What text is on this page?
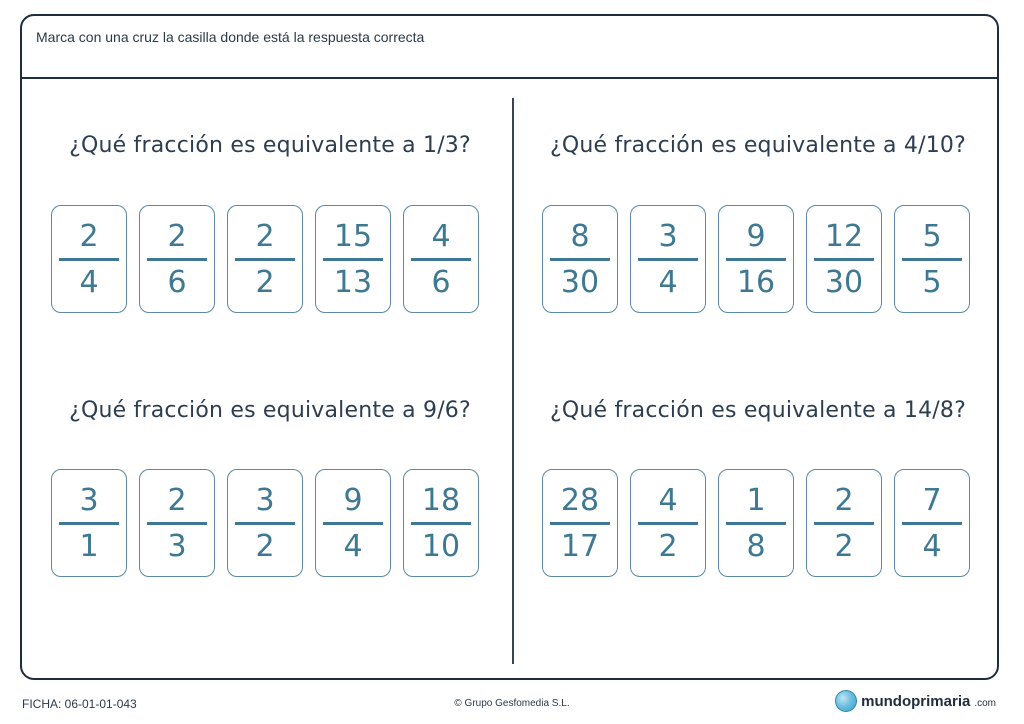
Marca con una cruz la casilla donde está la respuesta correcta
¿Qué fracción es equivalente a 1/3?
$\frac{2}{4} \frac{2}{6} \frac{2}{2} \frac{15}{13} \frac{4}{6}$
¿Qué fracción es equivalente a 4/10?
$\frac{8}{30} \frac{3}{4} \frac{9}{16} \frac{12}{30} \frac{5}{5}$
¿Qué fracción es equivalente a 9/6?
$\frac{3}{1} \frac{2}{3} \frac{3}{2} \frac{9}{4} \frac{18}{10}$
¿Qué fracción es equivalente a 14/8?
$\frac{28}{17} \frac{4}{2} \frac{1}{8} \frac{2}{2} \frac{7}{4}$
FICHA: 06-01-01-043	© Grupo Gesfomedia S.L.	mundoprimaria .com
